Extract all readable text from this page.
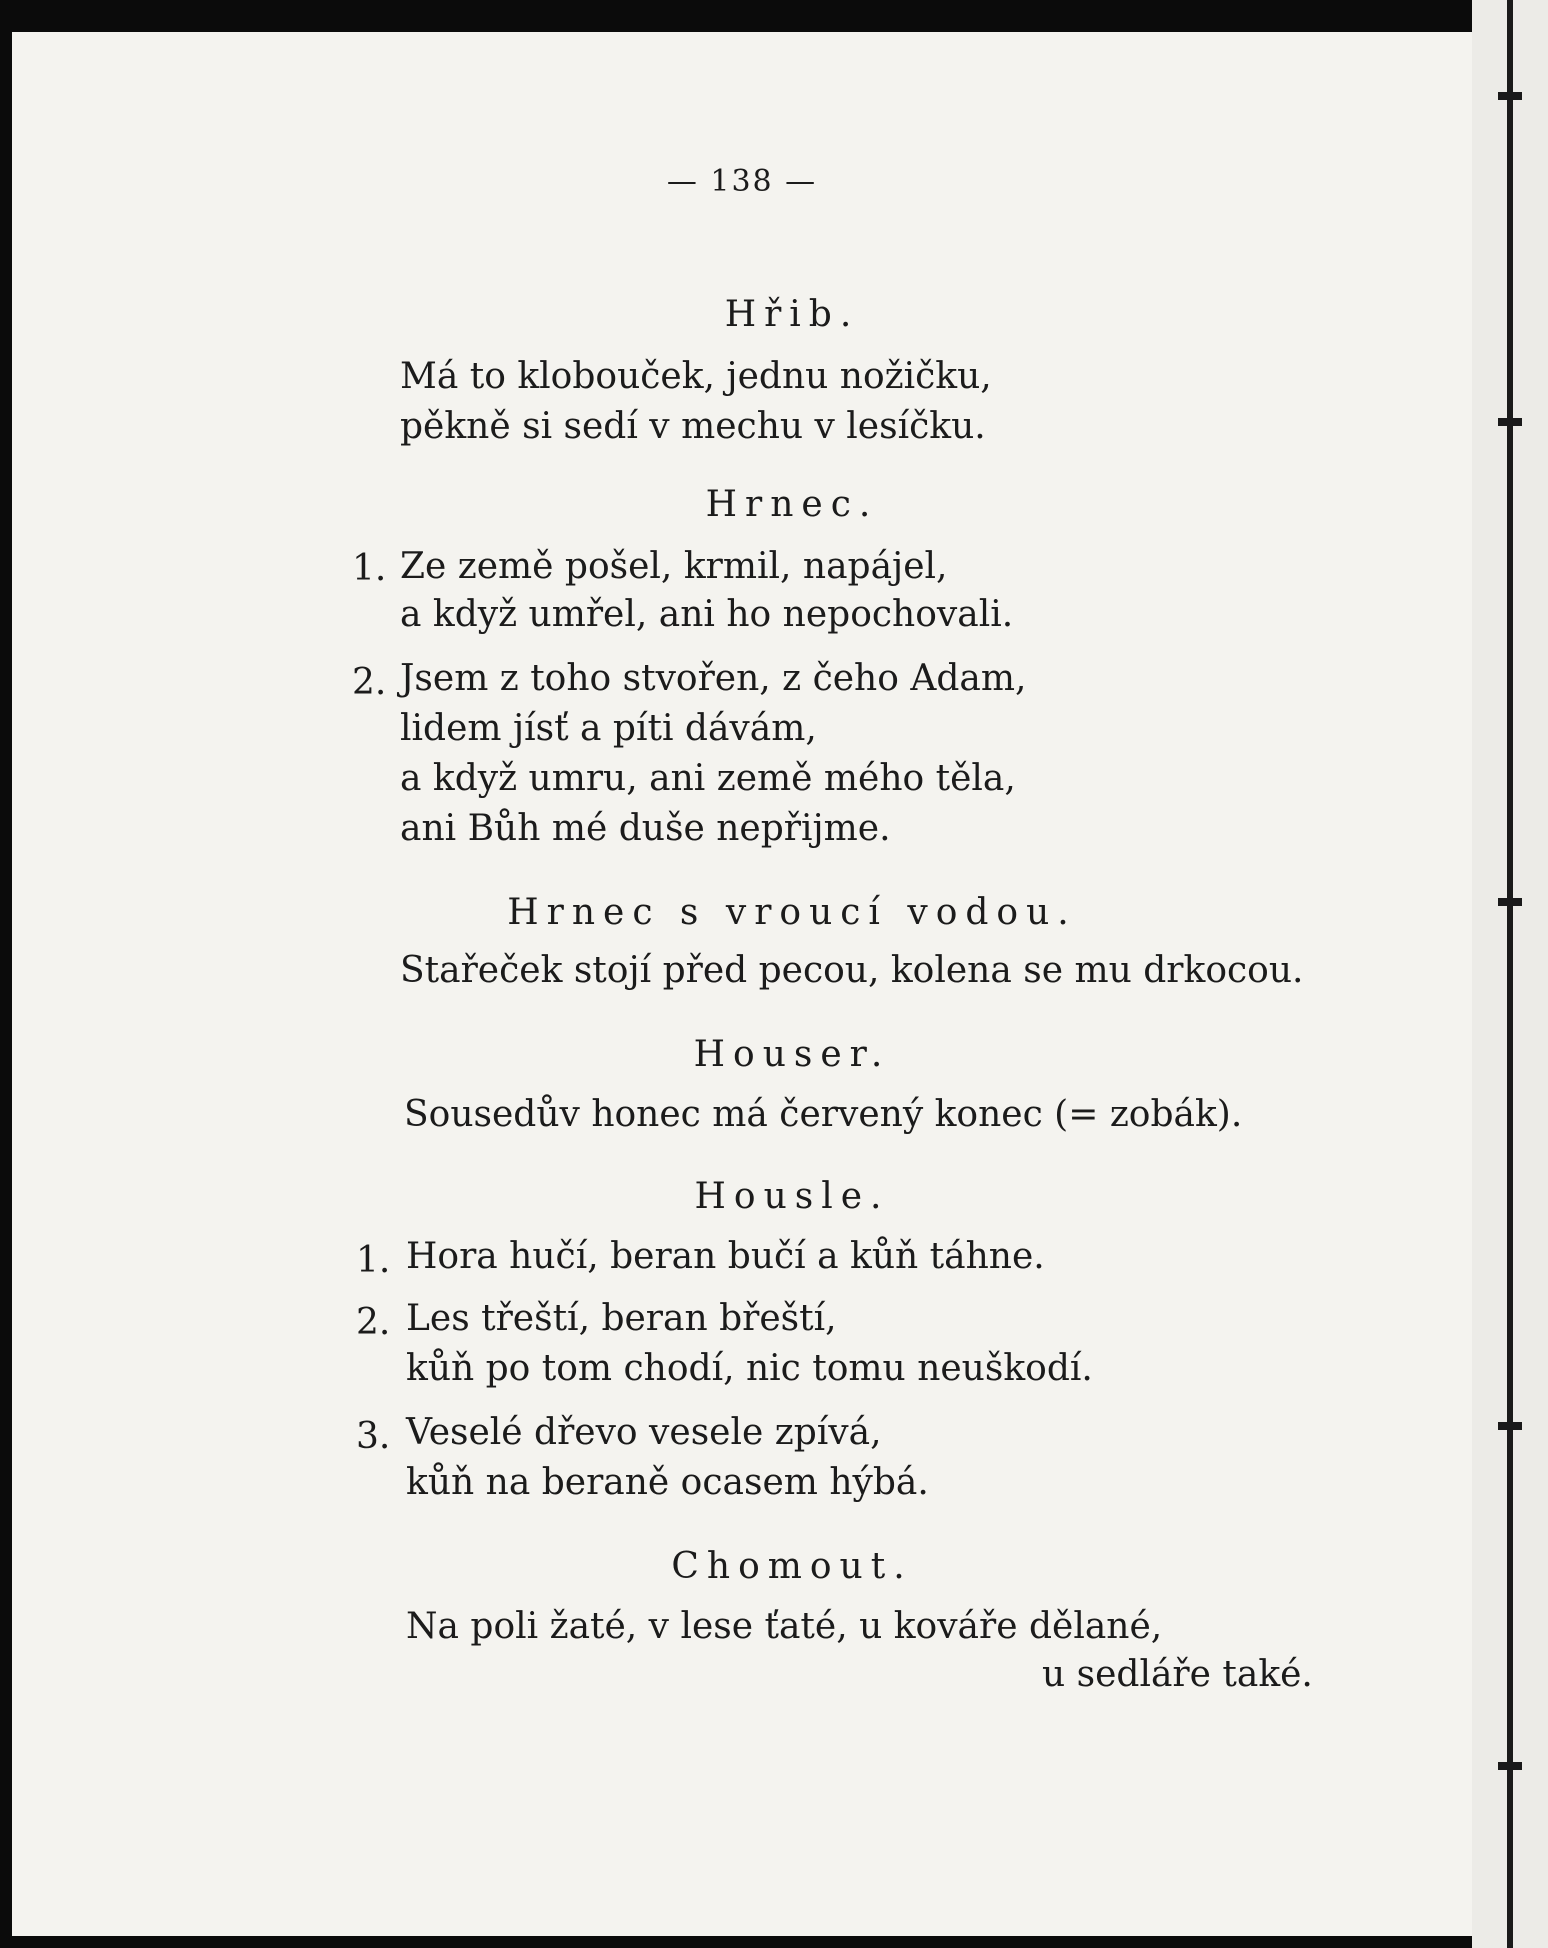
— 138 —
Hřib.
Má to klobouček, jednu nožičku,
pěkně si sedí v mechu v lesíčku.
Hrnec.
1. Ze země pošel, krmil, napájel,
a když umřel, ani ho nepochovali.
2. Jsem z toho stvořen, z čeho Adam,
lidem jísť a píti dávám,
a když umru, ani země mého těla,
ani Bůh mé duše nepřijme.
Hrnec s vroucí vodou.
Stařeček stojí před pecou, kolena se mu drkocou.
Houser.
Sousedův honec má červený konec (= zobák).
Housle.
1. Hora hučí, beran bučí a kůň táhne.
2. Les třeští, beran břeští,
kůň po tom chodí, nic tomu neuškodí.
3. Veselé dřevo vesele zpívá,
kůň na beraně ocasem hýbá.
Chomout.
Na poli žaté, v lese ťaté, u kováře dělané,
u sedláře také.
